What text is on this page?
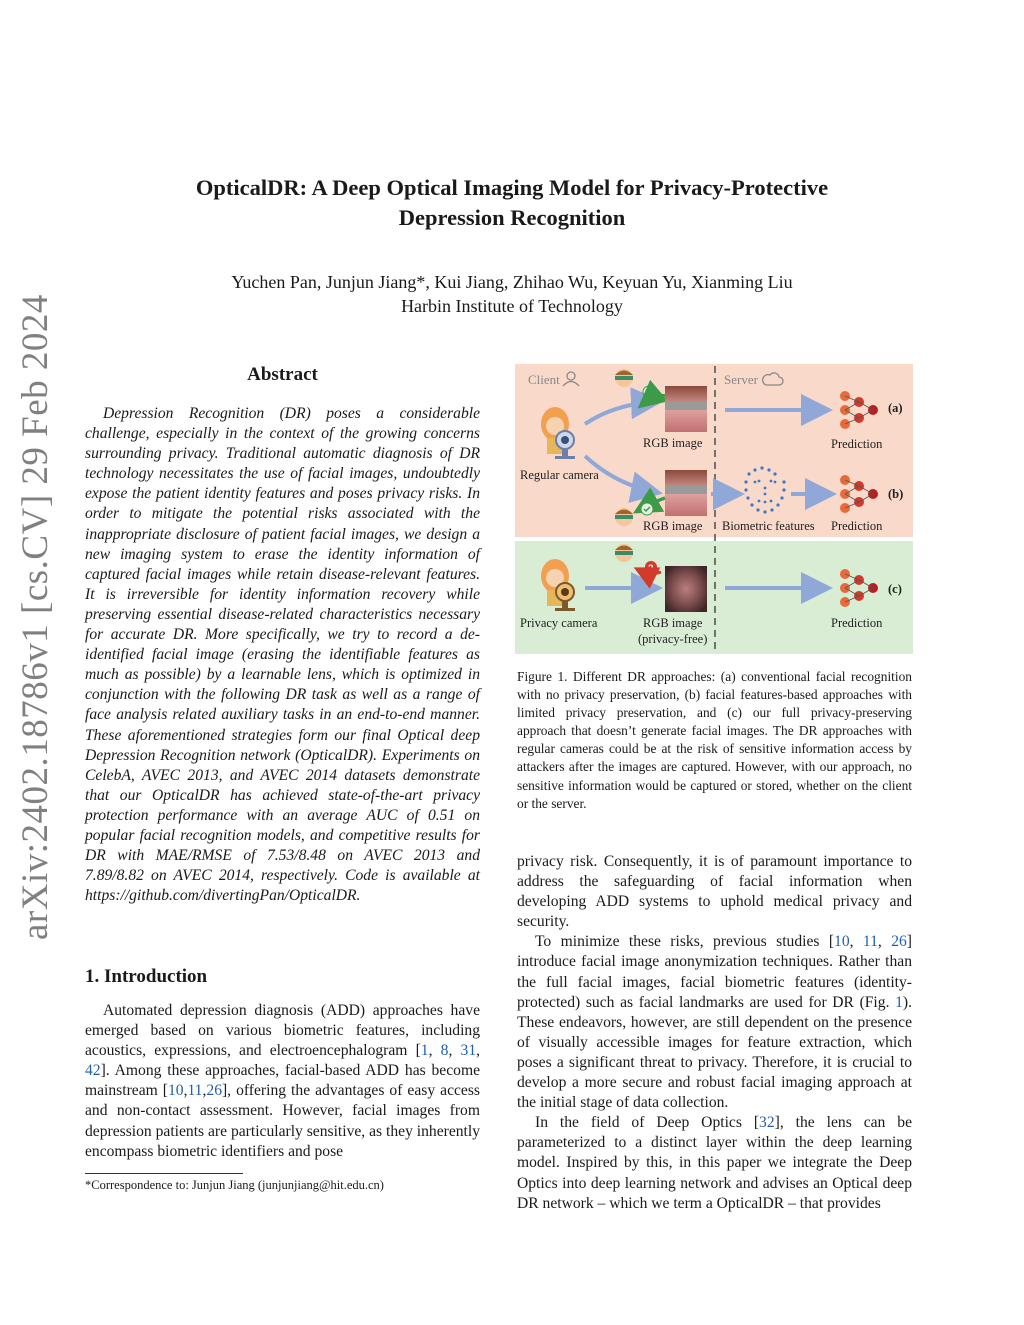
arXiv:2402.18786v1 [cs.CV] 29 Feb 2024
OpticalDR: A Deep Optical Imaging Model for Privacy-Protective
Depression Recognition
Yuchen Pan, Junjun Jiang*, Kui Jiang, Zhihao Wu, Keyuan Yu, Xianming Liu
Harbin Institute of Technology
Abstract
Depression Recognition (DR) poses a considerable challenge, especially in the context of the growing concerns surrounding privacy. Traditional automatic diagnosis of DR technology necessitates the use of facial images, undoubtedly expose the patient identity features and poses privacy risks. In order to mitigate the potential risks associated with the inappropriate disclosure of patient facial images, we design a new imaging system to erase the identity information of captured facial images while retain disease-relevant features. It is irreversible for identity information recovery while preserving essential disease-related characteristics necessary for accurate DR. More specifically, we try to record a de-identified facial image (erasing the identifiable features as much as possible) by a learnable lens, which is optimized in conjunction with the following DR task as well as a range of face analysis related auxiliary tasks in an end-to-end manner. These aforementioned strategies form our final Optical deep Depression Recognition network (OpticalDR). Experiments on CelebA, AVEC 2013, and AVEC 2014 datasets demonstrate that our OpticalDR has achieved state-of-the-art privacy protection performance with an average AUC of 0.51 on popular facial recognition models, and competitive results for DR with MAE/RMSE of 7.53/8.48 on AVEC 2013 and 7.89/8.82 on AVEC 2014, respectively. Code is available at https://github.com/divertingPan/OpticalDR.
1. Introduction
Automated depression diagnosis (ADD) approaches have emerged based on various biometric features, including acoustics, expressions, and electroencephalogram [1, 8, 31, 42]. Among these approaches, facial-based ADD has become mainstream [10,11,26], offering the advantages of easy access and non-contact assessment. However, facial images from depression patients are particularly sensitive, as they inherently encompass biometric identifiers and pose
*Correspondence to: Junjun Jiang (junjunjiang@hit.edu.cn)
Client	Server
Regular camera
RGB image
(a)
Prediction
RGB image
(b)
Biometric features Prediction
Privacy camera
?
RGB image
(privacy-free)
(c)
Prediction
Figure 1. Different DR approaches: (a) conventional facial recognition with no privacy preservation, (b) facial features-based approaches with limited privacy preservation, and (c) our full privacy-preserving approach that doesn’t generate facial images. The DR approaches with regular cameras could be at the risk of sensitive information access by attackers after the images are captured. However, with our approach, no sensitive information would be captured or stored, whether on the client or the server.

privacy risk. Consequently, it is of paramount importance to address the safeguarding of facial information when developing ADD systems to uphold medical privacy and security.

To minimize these risks, previous studies [10, 11, 26] introduce facial image anonymization techniques. Rather than the full facial images, facial biometric features (identity-protected) such as facial landmarks are used for DR (Fig. 1). These endeavors, however, are still dependent on the presence of visually accessible images for feature extraction, which poses a significant threat to privacy. Therefore, it is crucial to develop a more secure and robust facial imaging approach at the initial stage of data collection.

In the field of Deep Optics [32], the lens can be parameterized to a distinct layer within the deep learning model. Inspired by this, in this paper we integrate the Deep Optics into deep learning network and advises an Optical deep DR network – which we term a OpticalDR – that provides
